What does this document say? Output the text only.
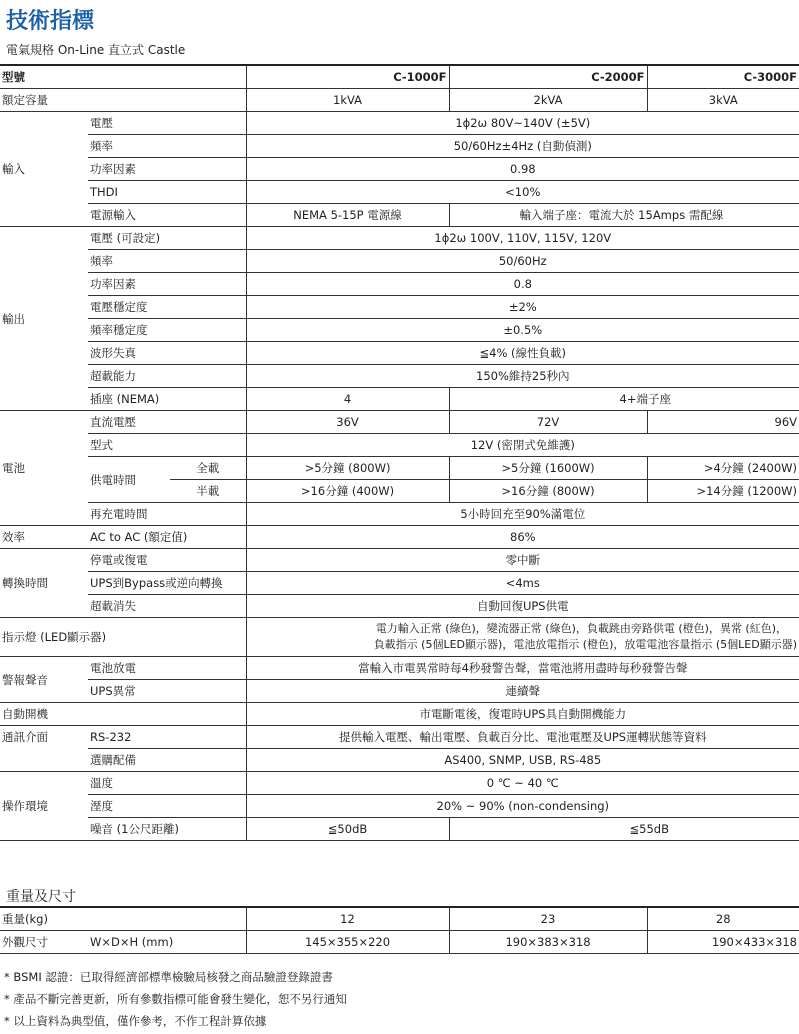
技術指標
電氣規格 On-Line 直立式 Castle
型號			C-1000F	C-2000F	C-3000F
額定容量			1kVA	2kVA	3kVA
輸入	電壓		1ϕ2ω 80V~140V (±5V)		
	頻率		50/60Hz±4Hz (自動偵測)		
	功率因素		0.98		
	THDI		<10%		
	電源輸入		NEMA 5-15P 電源線	輸入端子座：電流大於 15Amps 需配線	
輸出	電壓 (可設定)		1ϕ2ω 100V, 110V, 115V, 120V		
	頻率		50/60Hz		
	功率因素		0.8		
	電壓穩定度		±2%		
	頻率穩定度		±0.5%		
	波形失真		≦4% (線性負載)		
	超載能力		150%維持25秒內		
	插座 (NEMA)		4	4+端子座	
電池	直流電壓		36V	72V	96V
	型式		12V (密閉式免維護)		
	供電時間	全載	>5分鐘 (800W)	>5分鐘 (1600W)	>4分鐘 (2400W)
		半載	>16分鐘 (400W)	>16分鐘 (800W)	>14分鐘 (1200W)
	再充電時間		5小時回充至90%滿電位		
效率	AC to AC (額定值)		86%		
轉換時間	停電或復電		零中斷		
	UPS到Bypass或逆向轉換		<4ms		
	超載消失		自動回復UPS供電		
指示燈 (LED顯示器)			電力輸入正常 (綠色)，變流器正常 (綠色)，負載跳由旁路供電 (橙色)，異常 (紅色)，
負載指示 (5個LED顯示器)，電池放電指示 (橙色)，放電電池容量指示 (5個LED顯示器)		

警報聲音	電池放電		當輸入市電異常時每4秒發警告聲，當電池將用盡時每秒發警告聲		
	UPS異常		連續聲		
自動開機			市電斷電後，復電時UPS具自動開機能力		
通訊介面	RS-232		提供輸入電壓、輸出電壓、負載百分比、電池電壓及UPS運轉狀態等資料		
	選購配備		AS400, SNMP, USB, RS-485		
操作環境	溫度		0 ℃ ~ 40 ℃		
	溼度		20% ~ 90% (non-condensing)		
	噪音 (1公尺距離)		≦50dB	≦55dB	
重量及尺寸
重量(kg)		12	23	28
外觀尺寸	W×D×H (mm)	145×355×220	190×383×318	190×433×318
* BSMI 認證：已取得經濟部標準檢驗局核發之商品驗證登錄證書
* 產品不斷完善更新，所有參數指標可能會發生變化，恕不另行通知
* 以上資料為典型值，僅作參考，不作工程計算依據
